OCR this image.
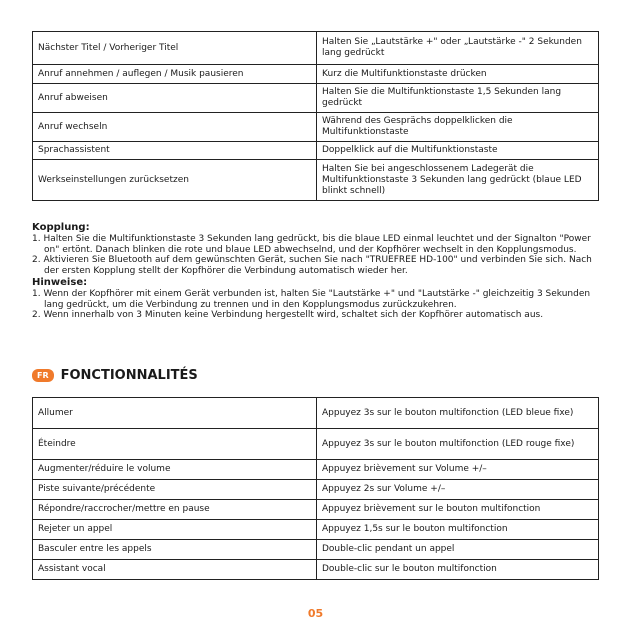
Nächster Titel / Vorheriger Titel	Halten Sie „Lautstärke +" oder „Lautstärke -" 2 Sekunden lang gedrückt
Anruf annehmen / auflegen / Musik pausieren	Kurz die Multifunktionstaste drücken
Anruf abweisen	Halten Sie die Multifunktionstaste 1,5 Sekunden lang gedrückt
Anruf wechseln	Während des Gesprächs doppelklicken die Multifunktionstaste
Sprachassistent	Doppelklick auf die Multifunktionstaste
Werkseinstellungen zurücksetzen	Halten Sie bei angeschlossenem Ladegerät die Multifunktionstaste 3 Sekunden lang gedrückt (blaue LED blinkt schnell)
Kopplung:
1. Halten Sie die Multifunktionstaste 3 Sekunden lang gedrückt, bis die blaue LED einmal leuchtet und der Signalton "Power on" ertönt. Danach blinken die rote und blaue LED abwechselnd, und der Kopfhörer wechselt in den Kopplungsmodus.
2. Aktivieren Sie Bluetooth auf dem gewünschten Gerät, suchen Sie nach "TRUEFREE HD-100" und verbinden Sie sich. Nach der ersten Kopplung stellt der Kopfhörer die Verbindung automatisch wieder her.
Hinweise:
1. Wenn der Kopfhörer mit einem Gerät verbunden ist, halten Sie "Lautstärke +" und "Lautstärke -" gleichzeitig 3 Sekunden lang gedrückt, um die Verbindung zu trennen und in den Kopplungsmodus zurückzukehren.
2. Wenn innerhalb von 3 Minuten keine Verbindung hergestellt wird, schaltet sich der Kopfhörer automatisch aus.
FR FONCTIONNALITÉS
Allumer	Appuyez 3s sur le bouton multifonction (LED bleue fixe)
Éteindre	Appuyez 3s sur le bouton multifonction (LED rouge fixe)
Augmenter/réduire le volume	Appuyez brièvement sur Volume +/–
Piste suivante/précédente	Appuyez 2s sur Volume +/–
Répondre/raccrocher/mettre en pause	Appuyez brièvement sur le bouton multifonction
Rejeter un appel	Appuyez 1,5s sur le bouton multifonction
Basculer entre les appels	Double-clic pendant un appel
Assistant vocal	Double-clic sur le bouton multifonction
05
